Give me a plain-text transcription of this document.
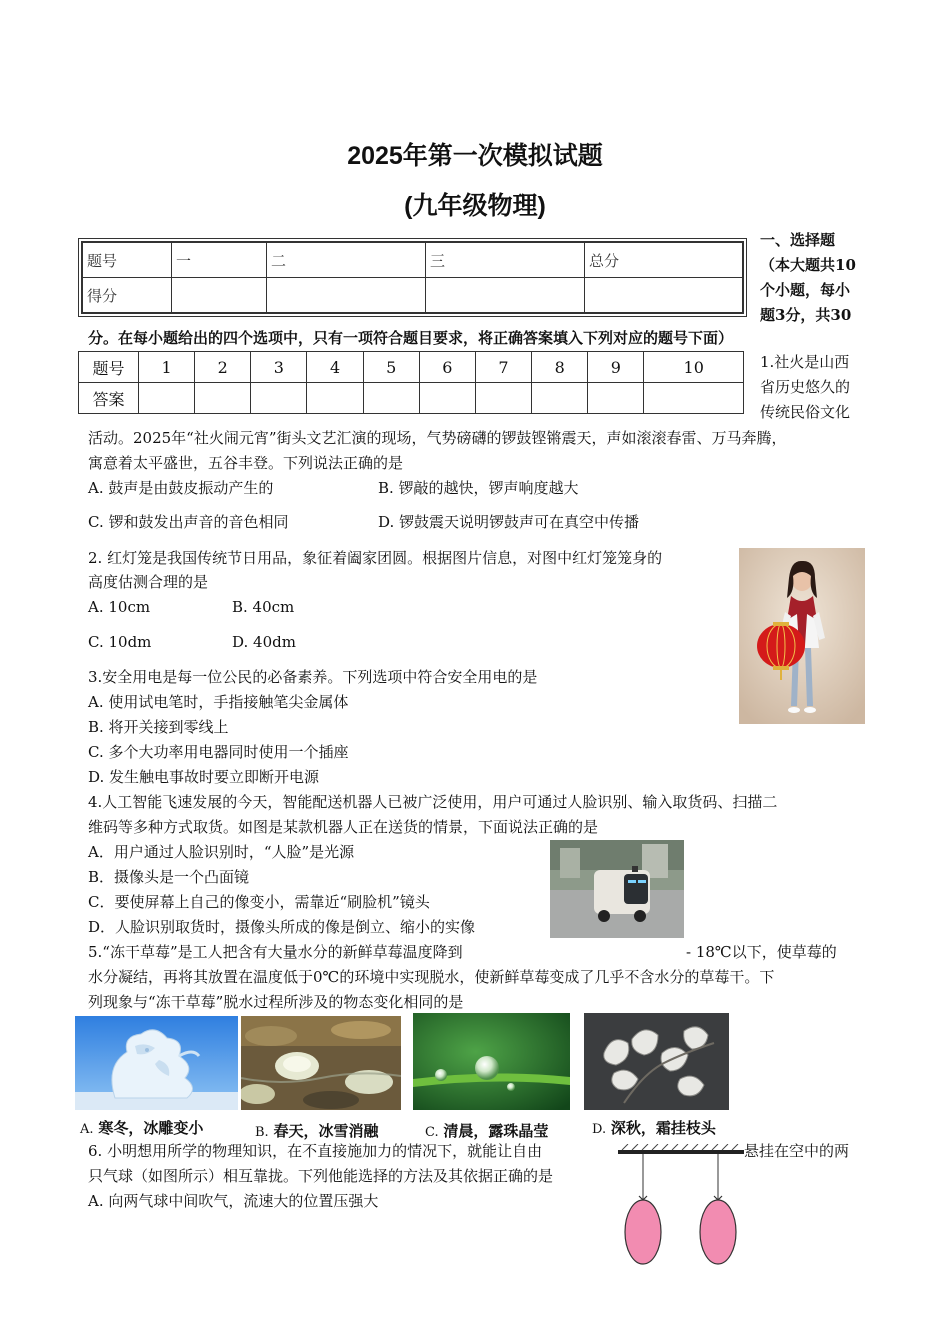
2025年第一次模拟试题
(九年级物理)
题号	一	二	三	总分
得分				
一、选择题
（本大题共10
个小题，每小
题3分，共30
分。在每小题给出的四个选项中，只有一项符合题目要求，将正确答案填入下列对应的题号下面）
题号	1	2	3	4	5	6	7	8	9	10
答案										
1.社火是山西
省历史悠久的
传统民俗文化
活动。2025年“社火闹元宵”街头文艺汇演的现场，气势磅礴的锣鼓铿锵震天，声如滚滚春雷、万马奔腾，
寓意着太平盛世，五谷丰登。下列说法正确的是
A. 鼓声是由鼓皮振动产生的	B. 锣敲的越快，锣声响度越大
C. 锣和鼓发出声音的音色相同	D. 锣鼓震天说明锣鼓声可在真空中传播
2. 红灯笼是我国传统节日用品，象征着阖家团圆。根据图片信息，对图中红灯笼笼身的
高度估测合理的是
A. 10cm	B. 40cm
C. 10dm	D. 40dm
3.安全用电是每一位公民的必备素养。下列选项中符合安全用电的是
A. 使用试电笔时，手指接触笔尖金属体
B. 将开关接到零线上
C. 多个大功率用电器同时使用一个插座
D. 发生触电事故时要立即断开电源
4.人工智能飞速发展的今天，智能配送机器人已被广泛使用，用户可通过人脸识别、输入取货码、扫描二
维码等多种方式取货。如图是某款机器人正在送货的情景，下面说法正确的是
A．用户通过人脸识别时，“人脸”是光源
B．摄像头是一个凸面镜
C．要使屏幕上自己的像变小，需靠近“刷脸机”镜头
D．人脸识别取货时，摄像头所成的像是倒立、缩小的实像
5.“冻干草莓”是工人把含有大量水分的新鲜草莓温度降到	- 18℃以下，使草莓的
水分凝结，再将其放置在温度低于0℃的环境中实现脱水，使新鲜草莓变成了几乎不含水分的草莓干。下
列现象与“冻干草莓”脱水过程所涉及的物态变化相同的是
A. 寒冬，冰雕变小	B. 春天，冰雪消融	C. 清晨，露珠晶莹	D. 深秋，霜挂枝头
6. 小明想用所学的物理知识，在不直接施加力的情况下，就能让自由	悬挂在空中的两
只气球（如图所示）相互靠拢。下列他能选择的方法及其依据正确的是
A. 向两气球中间吹气，流速大的位置压强大
